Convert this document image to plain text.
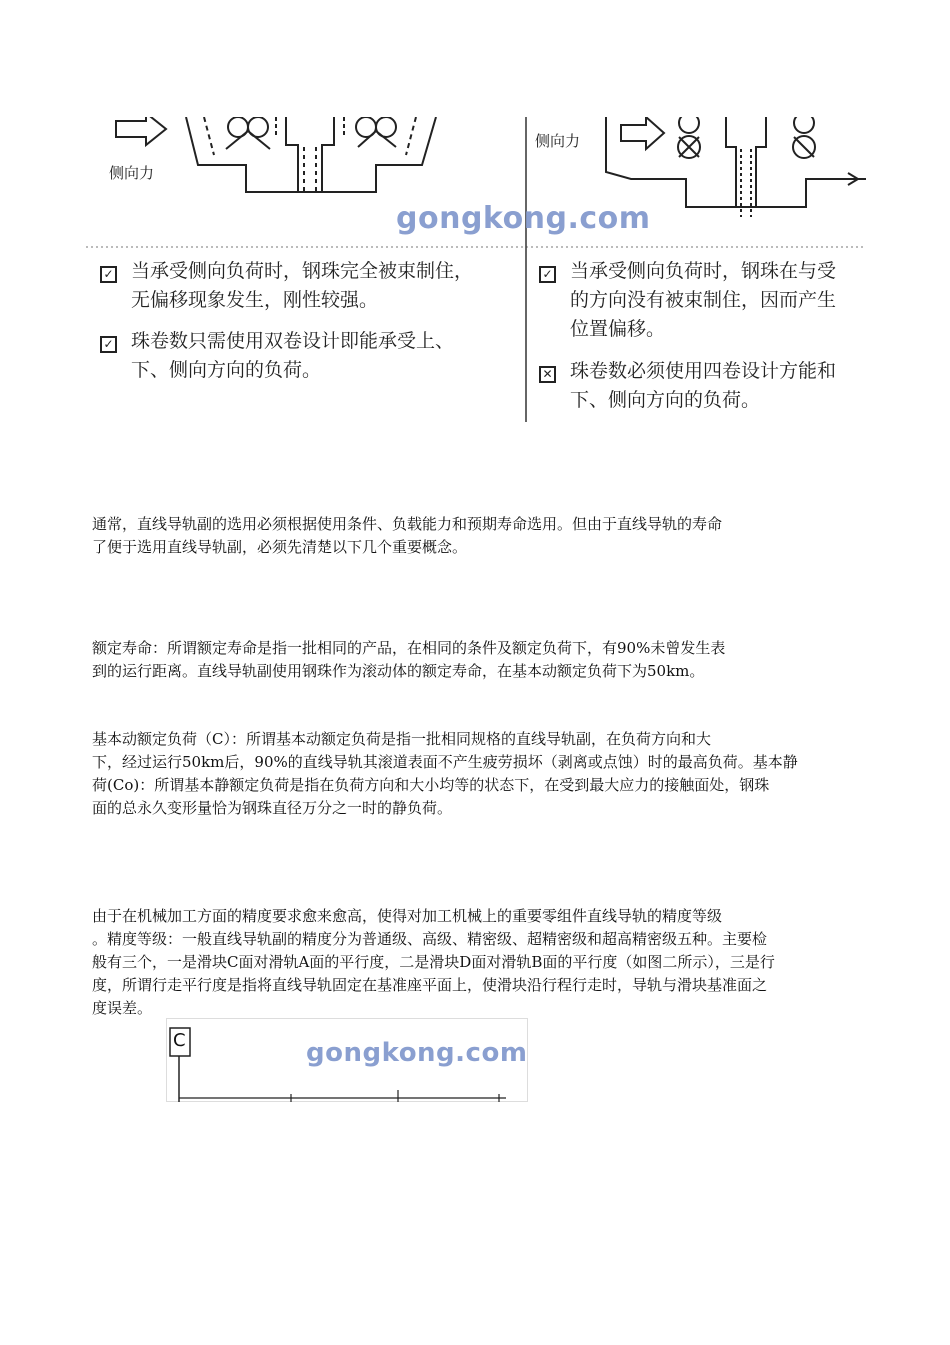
侧向力
侧向力
gongkong.com
✓ 当承受侧向负荷时，钢珠完全被束制住，
无偏移现象发生，刚性较强。
✓ 珠卷数只需使用双卷设计即能承受上、
下、侧向方向的负荷。
✓ 当承受侧向负荷时，钢珠在与受
的方向没有被束制住，因而产生
位置偏移。
✕ 珠卷数必须使用四卷设计方能和
下、侧向方向的负荷。
通常，直线导轨副的选用必须根据使用条件、负载能力和预期寿命选用。但由于直线导轨的寿命
了便于选用直线导轨副，必须先清楚以下几个重要概念。
额定寿命：所谓额定寿命是指一批相同的产品，在相同的条件及额定负荷下，有90%未曾发生表
到的运行距离。直线导轨副使用钢珠作为滚动体的额定寿命，在基本动额定负荷下为50km。
基本动额定负荷（C）：所谓基本动额定负荷是指一批相同规格的直线导轨副，在负荷方向和大
下，经过运行50km后，90%的直线导轨其滚道表面不产生疲劳损坏（剥离或点蚀）时的最高负荷。基本静
荷(Co)：所谓基本静额定负荷是指在负荷方向和大小均等的状态下，在受到最大应力的接触面处，钢珠
面的总永久变形量恰为钢珠直径万分之一时的静负荷。
由于在机械加工方面的精度要求愈来愈高，使得对加工机械上的重要零组件直线导轨的精度等级
。精度等级：一般直线导轨副的精度分为普通级、高级、精密级、超精密级和超高精密级五种。主要检
般有三个，一是滑块C面对滑轨A面的平行度，二是滑块D面对滑轨B面的平行度（如图二所示），三是行
度，所谓行走平行度是指将直线导轨固定在基准座平面上，使滑块沿行程行走时，导轨与滑块基准面之
度误差。
C	gongkong.com
